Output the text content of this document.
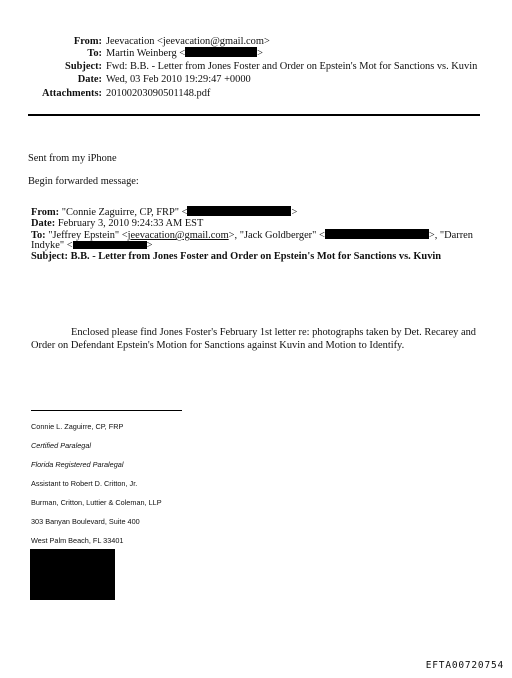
From: Jeevacation <jeevacation@gmail.com>
To: Martin Weinberg <	>
Subject: Fwd: B.B. - Letter from Jones Foster and Order on Epstein's Mot for Sanctions vs. Kuvin
Date: Wed, 03 Feb 2010 19:29:47 +0000
Attachments: 20100203090501148.pdf
Sent from my iPhone
Begin forwarded message:
From: "Connie Zaguirre, CP, FRP" <	>
Date: February 3, 2010 9:24:33 AM EST
To: "Jeffrey Epstein" <jeevacation@gmail.com>, "Jack Goldberger" <	>, "Darren
Indyke" <	>
Subject: B.B. - Letter from Jones Foster and Order on Epstein's Mot for Sanctions vs. Kuvin
Enclosed please find Jones Foster's February 1st letter re: photographs taken by Det. Recarey and
Order on Defendant Epstein's Motion for Sanctions against Kuvin and Motion to Identify.
Connie L. Zaguirre, CP, FRP
Certified Paralegal
Florida Registered Paralegal
Assistant to Robert D. Critton, Jr.
Burman, Critton, Luttier & Coleman, LLP
303 Banyan Boulevard, Suite 400
West Palm Beach, FL 33401
EFTA00720754
